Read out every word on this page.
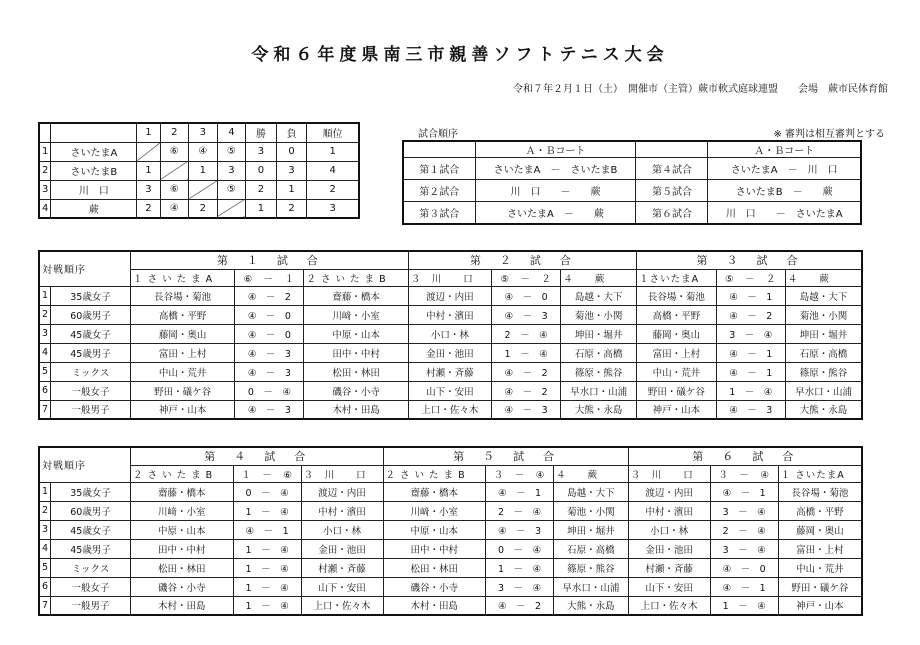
令和６年度県南三市親善ソフトテニス大会
令和７年２月１日（土）　開催市（主管）蕨市軟式庭球連盟　　会場　蕨市民体育館
		1	2	3	4	勝	負	順位
1	さいたまA		⑥	④	⑤	3	0	1
2	さいたまB	1		1	3	0	3	4
3	川　口	3	⑥		⑤	2	1	2
4	蕨	2	④	2		1	2	3
試合順序	※ 審判は相互審判とする
	Ａ・Ｂコート		Ａ・Ｂコート
第１試合	さいたまA　－　さいたまB	第４試合	さいたまA　－　川　口
第２試合	川　口　　－　　蕨	第５試合	さいたまB　－　　蕨
第３試合	さいたまA　－　　蕨	第６試合	川　口　　－　さいたまA
対戦順序		第　１　試　合			第　２　試　合			第　３　試　合		
		１ さ い た ま A	⑥　－　１	２ さ い た ま B	３　川　　口	⑤　－　２	４　　蕨	１さいたまA	⑤　－　２	４　　蕨
1	35歳女子	長谷場・菊池	④　－　2	齋藤・橋本	渡辺・内田	④　－　0	島越・大下	長谷場・菊池	④　－　1	島越・大下
2	60歳男子	高橋・平野	④　－　0	川﨑・小室	中村・濱田	④　－　3	菊池・小関	高橋・平野	④　－　2	菊池・小関
3	45歳女子	藤岡・奥山	④　－　0	中原・山本	小口・林	2　－　④	坤田・堀井	藤岡・奥山	3　－　④	坤田・堀井
4	45歳男子	富田・上村	④　－　3	田中・中村	金田・池田	1　－　④	石原・高橋	富田・上村	④　－　1	石原・高橋
5	ミックス	中山・荒井	④　－　3	松田・林田	村瀬・斉藤	④　－　2	篠原・熊谷	中山・荒井	④　－　1	篠原・熊谷
6	一般女子	野田・礒ケ谷	0　－　④	磯谷・小寺	山下・安田	④　－　2	早水口・山浦	野田・礒ケ谷	1　－　④	早水口・山浦
7	一般男子	神戸・山本	④　－　3	木村・田島	上口・佐々木	④　－　3	大熊・永島	神戸・山本	④　－　3	大熊・永島
対戦順序		第　４　試　合			第　５　試　合			第　６　試　合		
		２ さ い た ま B	１　－　⑥	３　川　　口	２ さ い た ま B	３　－　④	４　　蕨	３　川　　口	３　－　④	１ さいたまA
1	35歳女子	齋藤・橋本	0　－　④	渡辺・内田	齋藤・橋本	④　－　1	島越・大下	渡辺・内田	④　－　1	長谷場・菊池
2	60歳男子	川﨑・小室	1　－　④	中村・濱田	川﨑・小室	2　－　④	菊池・小関	中村・濱田	3　－　④	高橋・平野
3	45歳女子	中原・山本	④　－　1	小口・林	中原・山本	④　－　3	坤田・堀井	小口・林	2　－　④	藤岡・奥山
4	45歳男子	田中・中村	1　－　④	金田・池田	田中・中村	0　－　④	石原・高橋	金田・池田	3　－　④	富田・上村
5	ミックス	松田・林田	1　－　④	村瀬・斉藤	松田・林田	1　－　④	篠原・熊谷	村瀬・斉藤	④　－　0	中山・荒井
6	一般女子	磯谷・小寺	1　－　④	山下・安田	磯谷・小寺	3　－　④	早水口・山浦	山下・安田	④　－　1	野田・礒ケ谷
7	一般男子	木村・田島	1　－　④	上口・佐々木	木村・田島	④　－　2	大熊・永島	上口・佐々木	1　－　④	神戸・山本
